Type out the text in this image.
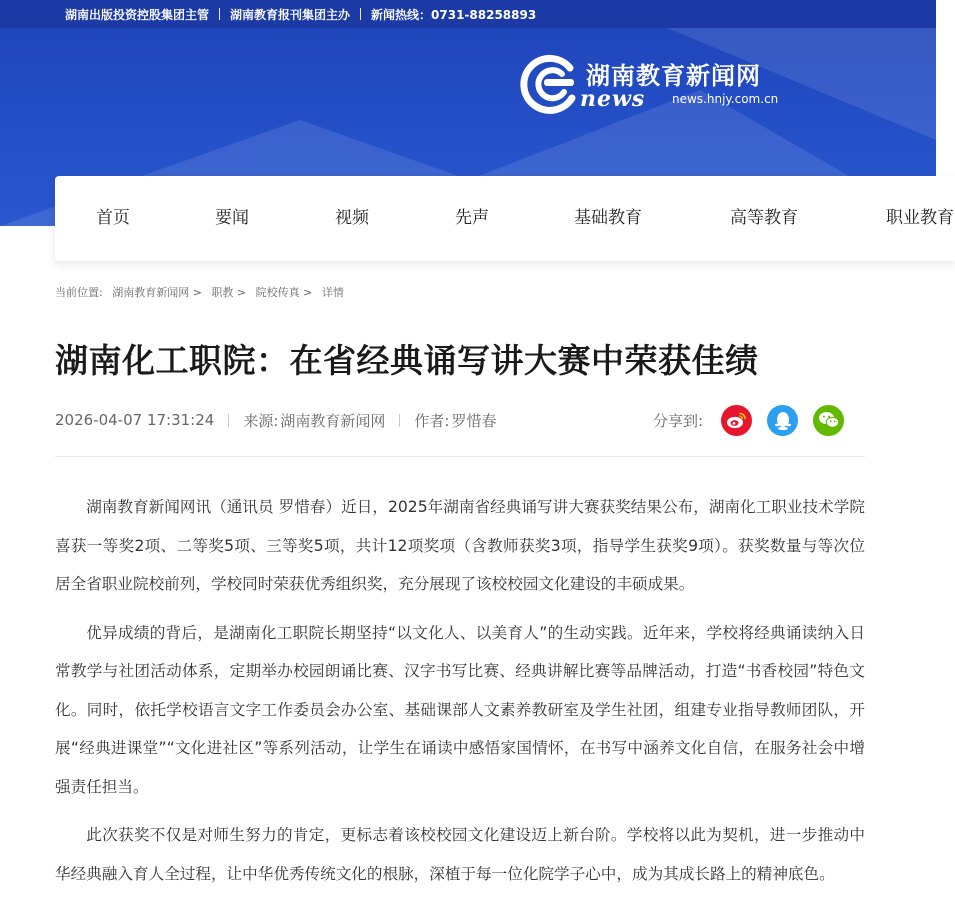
湖南出版投资控股集团主管	湖南教育报刊集团主办	新闻热线：0731-88258893
湖南教育新闻网
news news.hnjy.com.cn
首页	要闻	视频	先声	基础教育	高等教育	职业教育
当前位置: 湖南教育新闻网 > 职教 > 院校传真 > 详情
湖南化工职院：在省经典诵写讲大赛中荣获佳绩
2026-04-07 17:31:24 来源: 湖南教育新闻网 作者: 罗惜春	分享到:

湖南教育新闻网讯（通讯员 罗惜春）近日，2025年湖南省经典诵写讲大赛获奖结果公布，湖南化工职业技术学院喜获一等奖2项、二等奖5项、三等奖5项，共计12项奖项（含教师获奖3项，指导学生获奖9项）。获奖数量与等次位居全省职业院校前列，学校同时荣获优秀组织奖，充分展现了该校校园文化建设的丰硕成果。

优异成绩的背后，是湖南化工职院长期坚持“以文化人、以美育人”的生动实践。近年来，学校将经典诵读纳入日常教学与社团活动体系，定期举办校园朗诵比赛、汉字书写比赛、经典讲解比赛等品牌活动，打造“书香校园”特色文化。同时，依托学校语言文字工作委员会办公室、基础课部人文素养教研室及学生社团，组建专业指导教师团队，开展“经典进课堂”“文化进社区”等系列活动，让学生在诵读中感悟家国情怀，在书写中涵养文化自信，在服务社会中增强责任担当。

此次获奖不仅是对师生努力的肯定，更标志着该校校园文化建设迈上新台阶。学校将以此为契机，进一步推动中华经典融入育人全过程，让中华优秀传统文化的根脉，深植于每一位化院学子心中，成为其成长路上的精神底色。
